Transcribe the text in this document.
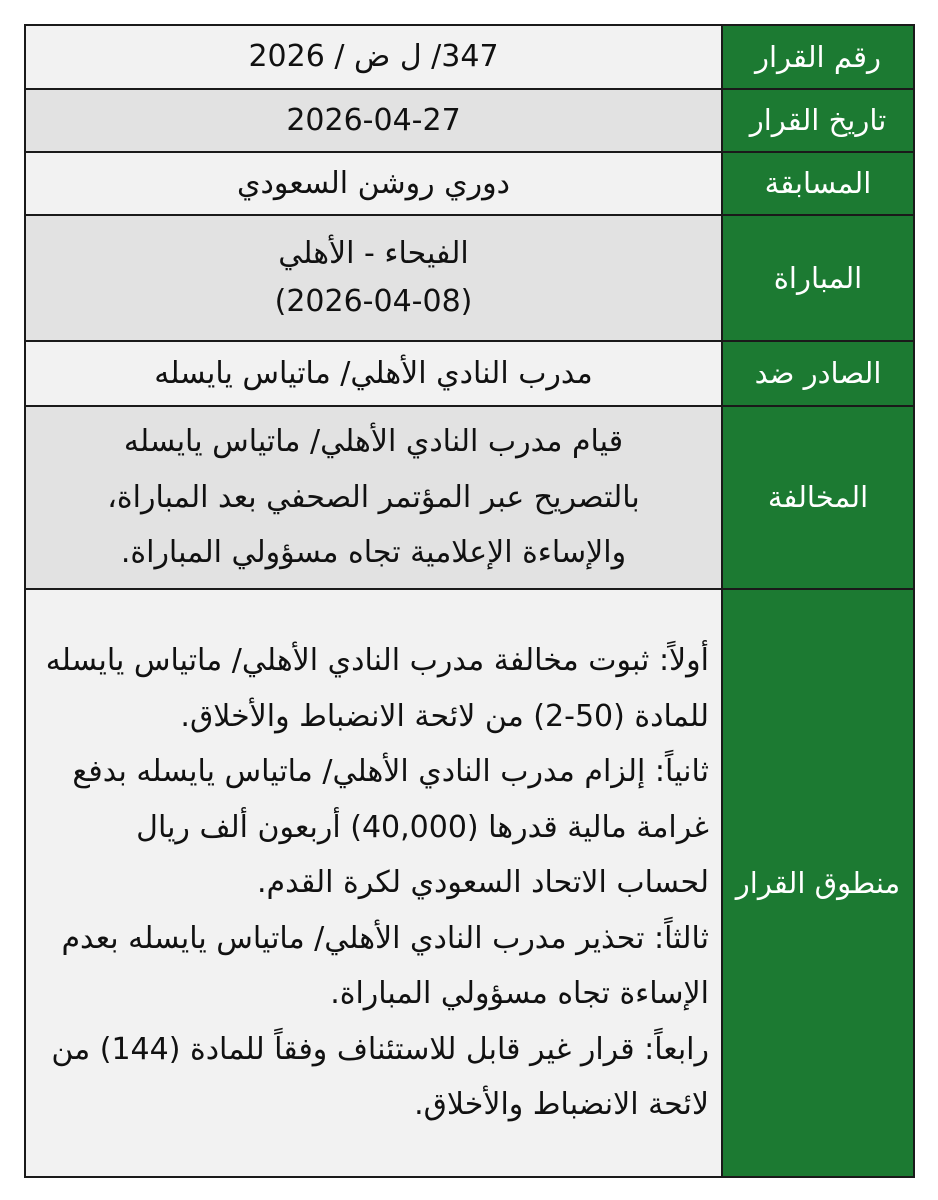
رقم القرار	347/ ل ض / 2026
تاريخ القرار	2026-04-27
المسابقة	دوري روشن السعودي
المباراة	الفيحاء - الأهلي
(2026-04-08)

الصادر ضد	مدرب النادي الأهلي/ ماتياس يايسله
المخالفة	قيام مدرب النادي الأهلي/ ماتياس يايسله بالتصريح عبر المؤتمر الصحفي بعد المباراة، والإساءة الإعلامية تجاه مسؤولي المباراة.
منطوق القرار	أولاً: ثبوت مخالفة مدرب النادي الأهلي/ ماتياس يايسله للمادة (50-2) من لائحة الانضباط والأخلاق.
ثانياً: إلزام مدرب النادي الأهلي/ ماتياس يايسله بدفع غرامة مالية قدرها (40,000) أربعون ألف ريال لحساب الاتحاد السعودي لكرة القدم.
ثالثاً: تحذير مدرب النادي الأهلي/ ماتياس يايسله بعدم الإساءة تجاه مسؤولي المباراة.
رابعاً: قرار غير قابل للاستئناف وفقاً للمادة (144) من لائحة الانضباط والأخلاق.
